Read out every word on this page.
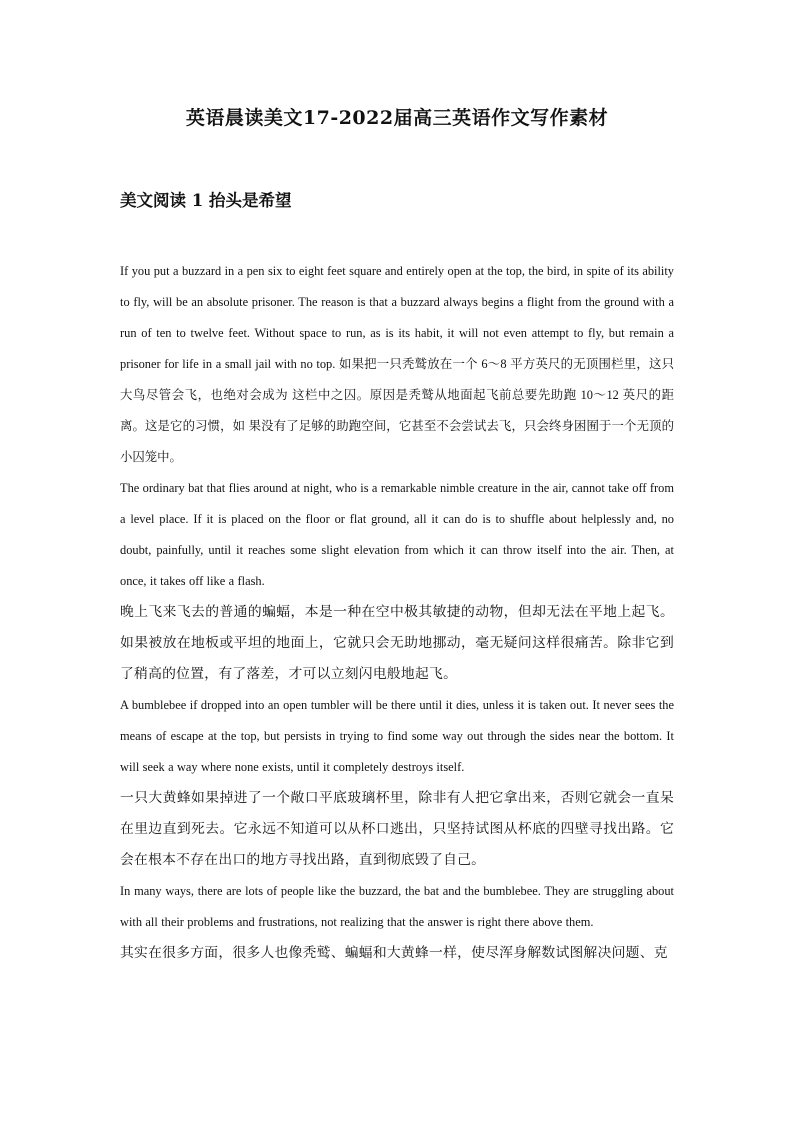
英语晨读美文17-2022届高三英语作文写作素材
美文阅读 1 抬头是希望

If you put a buzzard in a pen six to eight feet square and entirely open at the top, the bird, in spite of its ability to fly, will be an absolute prisoner. The reason is that a buzzard always begins a flight from the ground with a run of ten to twelve feet. Without space to run, as is its habit, it will not even attempt to fly, but remain a prisoner for life in a small jail with no top. 如果把一只秃鹫放在一个 6～8 平方英尺的无顶围栏里，这只大鸟尽管会飞，也绝对会成为 这栏中之囚。原因是秃鹫从地面起飞前总要先助跑 10～12 英尺的距离。这是它的习惯，如 果没有了足够的助跑空间，它甚至不会尝试去飞，只会终身困囿于一个无顶的小囚笼中。

The ordinary bat that flies around at night, who is a remarkable nimble creature in the air, cannot take off from a level place. If it is placed on the floor or flat ground, all it can do is to shuffle about helplessly and, no doubt, painfully, until it reaches some slight elevation from which it can throw itself into the air. Then, at once, it takes off like a flash.

晚上飞来飞去的普通的蝙蝠，本是一种在空中极其敏捷的动物，但却无法在平地上起飞。如果被放在地板或平坦的地面上，它就只会无助地挪动，毫无疑问这样很痛苦。除非它到了稍高的位置，有了落差，才可以立刻闪电般地起飞。

A bumblebee if dropped into an open tumbler will be there until it dies, unless it is taken out. It never sees the means of escape at the top, but persists in trying to find some way out through the sides near the bottom. It will seek a way where none exists, until it completely destroys itself.

一只大黄蜂如果掉进了一个敞口平底玻璃杯里，除非有人把它拿出来，否则它就会一直呆在里边直到死去。它永远不知道可以从杯口逃出，只坚持试图从杯底的四壁寻找出路。它会在根本不存在出口的地方寻找出路，直到彻底毁了自己。

In many ways, there are lots of people like the buzzard, the bat and the bumblebee. They are struggling about with all their problems and frustrations, not realizing that the answer is right there above them.

其实在很多方面，很多人也像秃鹫、蝙蝠和大黄蜂一样，使尽浑身解数试图解决问题、克
